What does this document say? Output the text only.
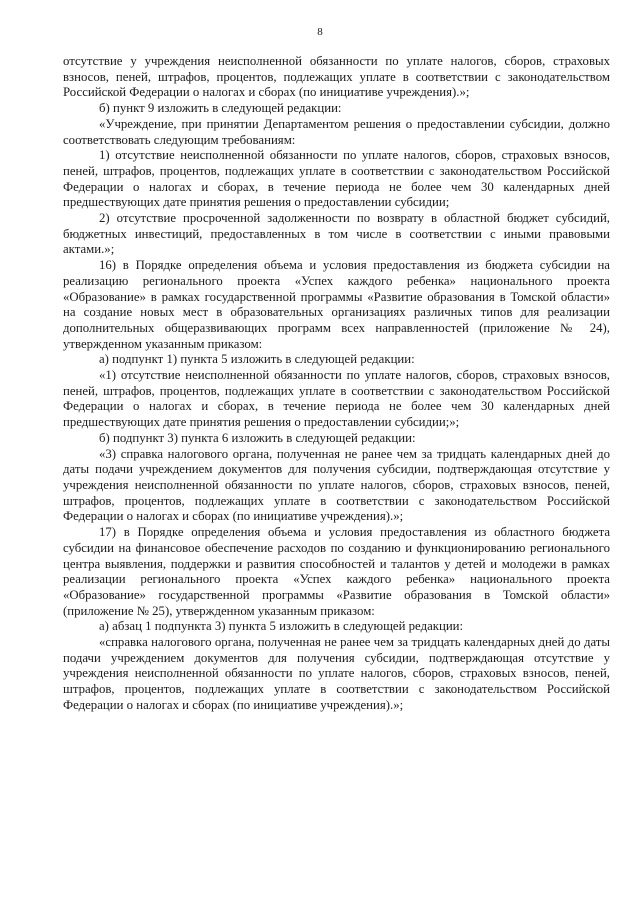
8

отсутствие у учреждения неисполненной обязанности по уплате налогов, сборов, страховых взносов, пеней, штрафов, процентов, подлежащих уплате в соответствии с законодательством Российской Федерации о налогах и сборах (по инициативе учреждения).»;

б) пункт 9 изложить в следующей редакции:

«Учреждение, при принятии Департаментом решения о предоставлении субсидии, должно соответствовать следующим требованиям:

1) отсутствие неисполненной обязанности по уплате налогов, сборов, страховых взносов, пеней, штрафов, процентов, подлежащих уплате в соответствии с законодательством Российской Федерации о налогах и сборах, в течение периода не более чем 30 календарных дней предшествующих дате принятия решения о предоставлении субсидии;

2) отсутствие просроченной задолженности по возврату в областной бюджет субсидий, бюджетных инвестиций, предоставленных в том числе в соответствии с иными правовыми актами.»;

16) в Порядке определения объема и условия предоставления из бюджета субсидии на реализацию регионального проекта «Успех каждого ребенка» национального проекта «Образование» в рамках государственной программы «Развитие образования в Томской области» на создание новых мест в образовательных организациях различных типов для реализации дополнительных общеразвивающих программ всех направленностей (приложение № 24), утвержденном указанным приказом:

а) подпункт 1) пункта 5 изложить в следующей редакции:

«1) отсутствие неисполненной обязанности по уплате налогов, сборов, страховых взносов, пеней, штрафов, процентов, подлежащих уплате в соответствии с законодательством Российской Федерации о налогах и сборах, в течение периода не более чем 30 календарных дней предшествующих дате принятия решения о предоставлении субсидии;»;

б) подпункт 3) пункта 6 изложить в следующей редакции:

«3) справка налогового органа, полученная не ранее чем за тридцать календарных дней до даты подачи учреждением документов для получения субсидии, подтверждающая отсутствие у учреждения неисполненной обязанности по уплате налогов, сборов, страховых взносов, пеней, штрафов, процентов, подлежащих уплате в соответствии с законодательством Российской Федерации о налогах и сборах (по инициативе учреждения).»;

17) в Порядке определения объема и условия предоставления из областного бюджета субсидии на финансовое обеспечение расходов по созданию и функционированию регионального центра выявления, поддержки и развития способностей и талантов у детей и молодежи в рамках реализации регионального проекта «Успех каждого ребенка» национального проекта «Образование» государственной программы «Развитие образования в Томской области» (приложение № 25), утвержденном указанным приказом:

а) абзац 1 подпункта 3) пункта 5 изложить в следующей редакции:

«справка налогового органа, полученная не ранее чем за тридцать календарных дней до даты подачи учреждением документов для получения субсидии, подтверждающая отсутствие у учреждения неисполненной обязанности по уплате налогов, сборов, страховых взносов, пеней, штрафов, процентов, подлежащих уплате в соответствии с законодательством Российской Федерации о налогах и сборах (по инициативе учреждения).»;
